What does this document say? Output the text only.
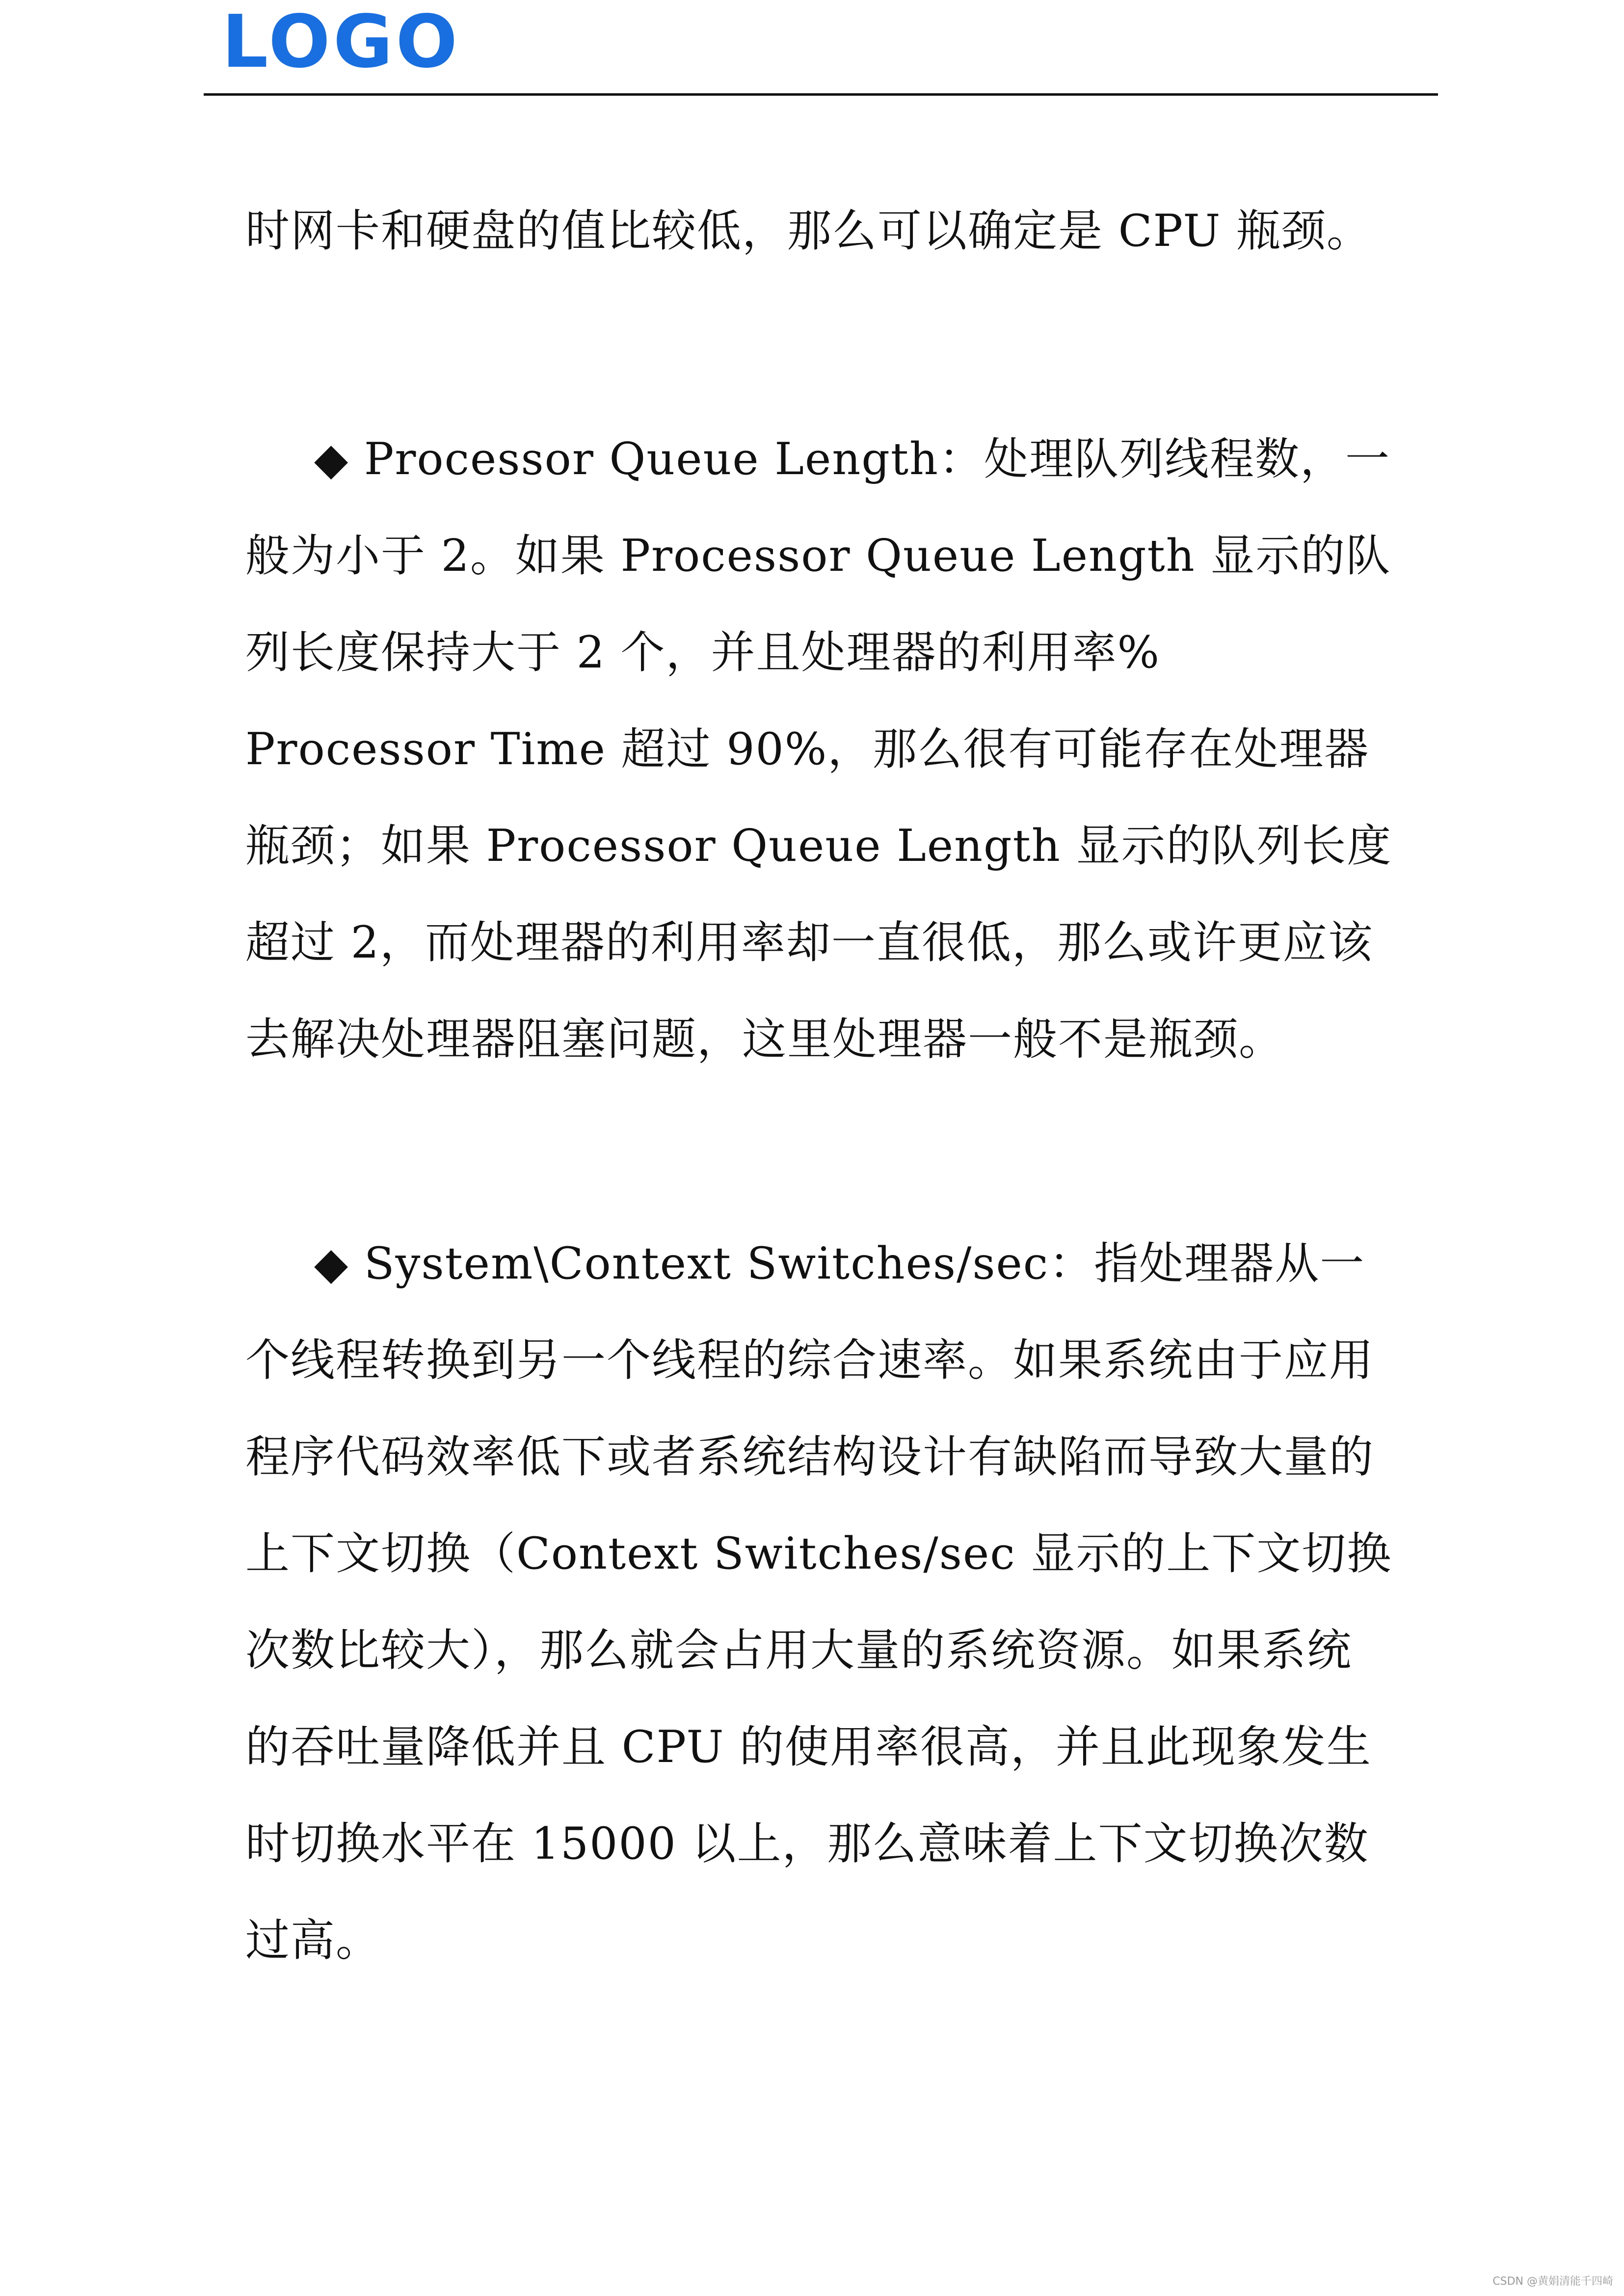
LOGO

时网卡和硬盘的值比较低，那么可以确定是 CPU 瓶颈。

◆ Processor Queue Length：处理队列线程数，一般为小于 2。如果 Processor Queue Length 显示的队列长度保持大于 2 个，并且处理器的利用率% Processor Time 超过 90%，那么很有可能存在处理器瓶颈；如果 Processor Queue Length 显示的队列长度超过 2，而处理器的利用率却一直很低，那么或许更应该去解决处理器阻塞问题，这里处理器一般不是瓶颈。

◆ System\Context Switches/sec：指处理器从一个线程转换到另一个线程的综合速率。如果系统由于应用程序代码效率低下或者系统结构设计有缺陷而导致大量的上下文切换（Context Switches/sec 显示的上下文切换次数比较大），那么就会占用大量的系统资源。如果系统的吞吐量降低并且 CPU 的使用率很高，并且此现象发生时切换水平在 15000 以上，那么意味着上下文切换次数过高。

CSDN @黄娟清能千四崎
